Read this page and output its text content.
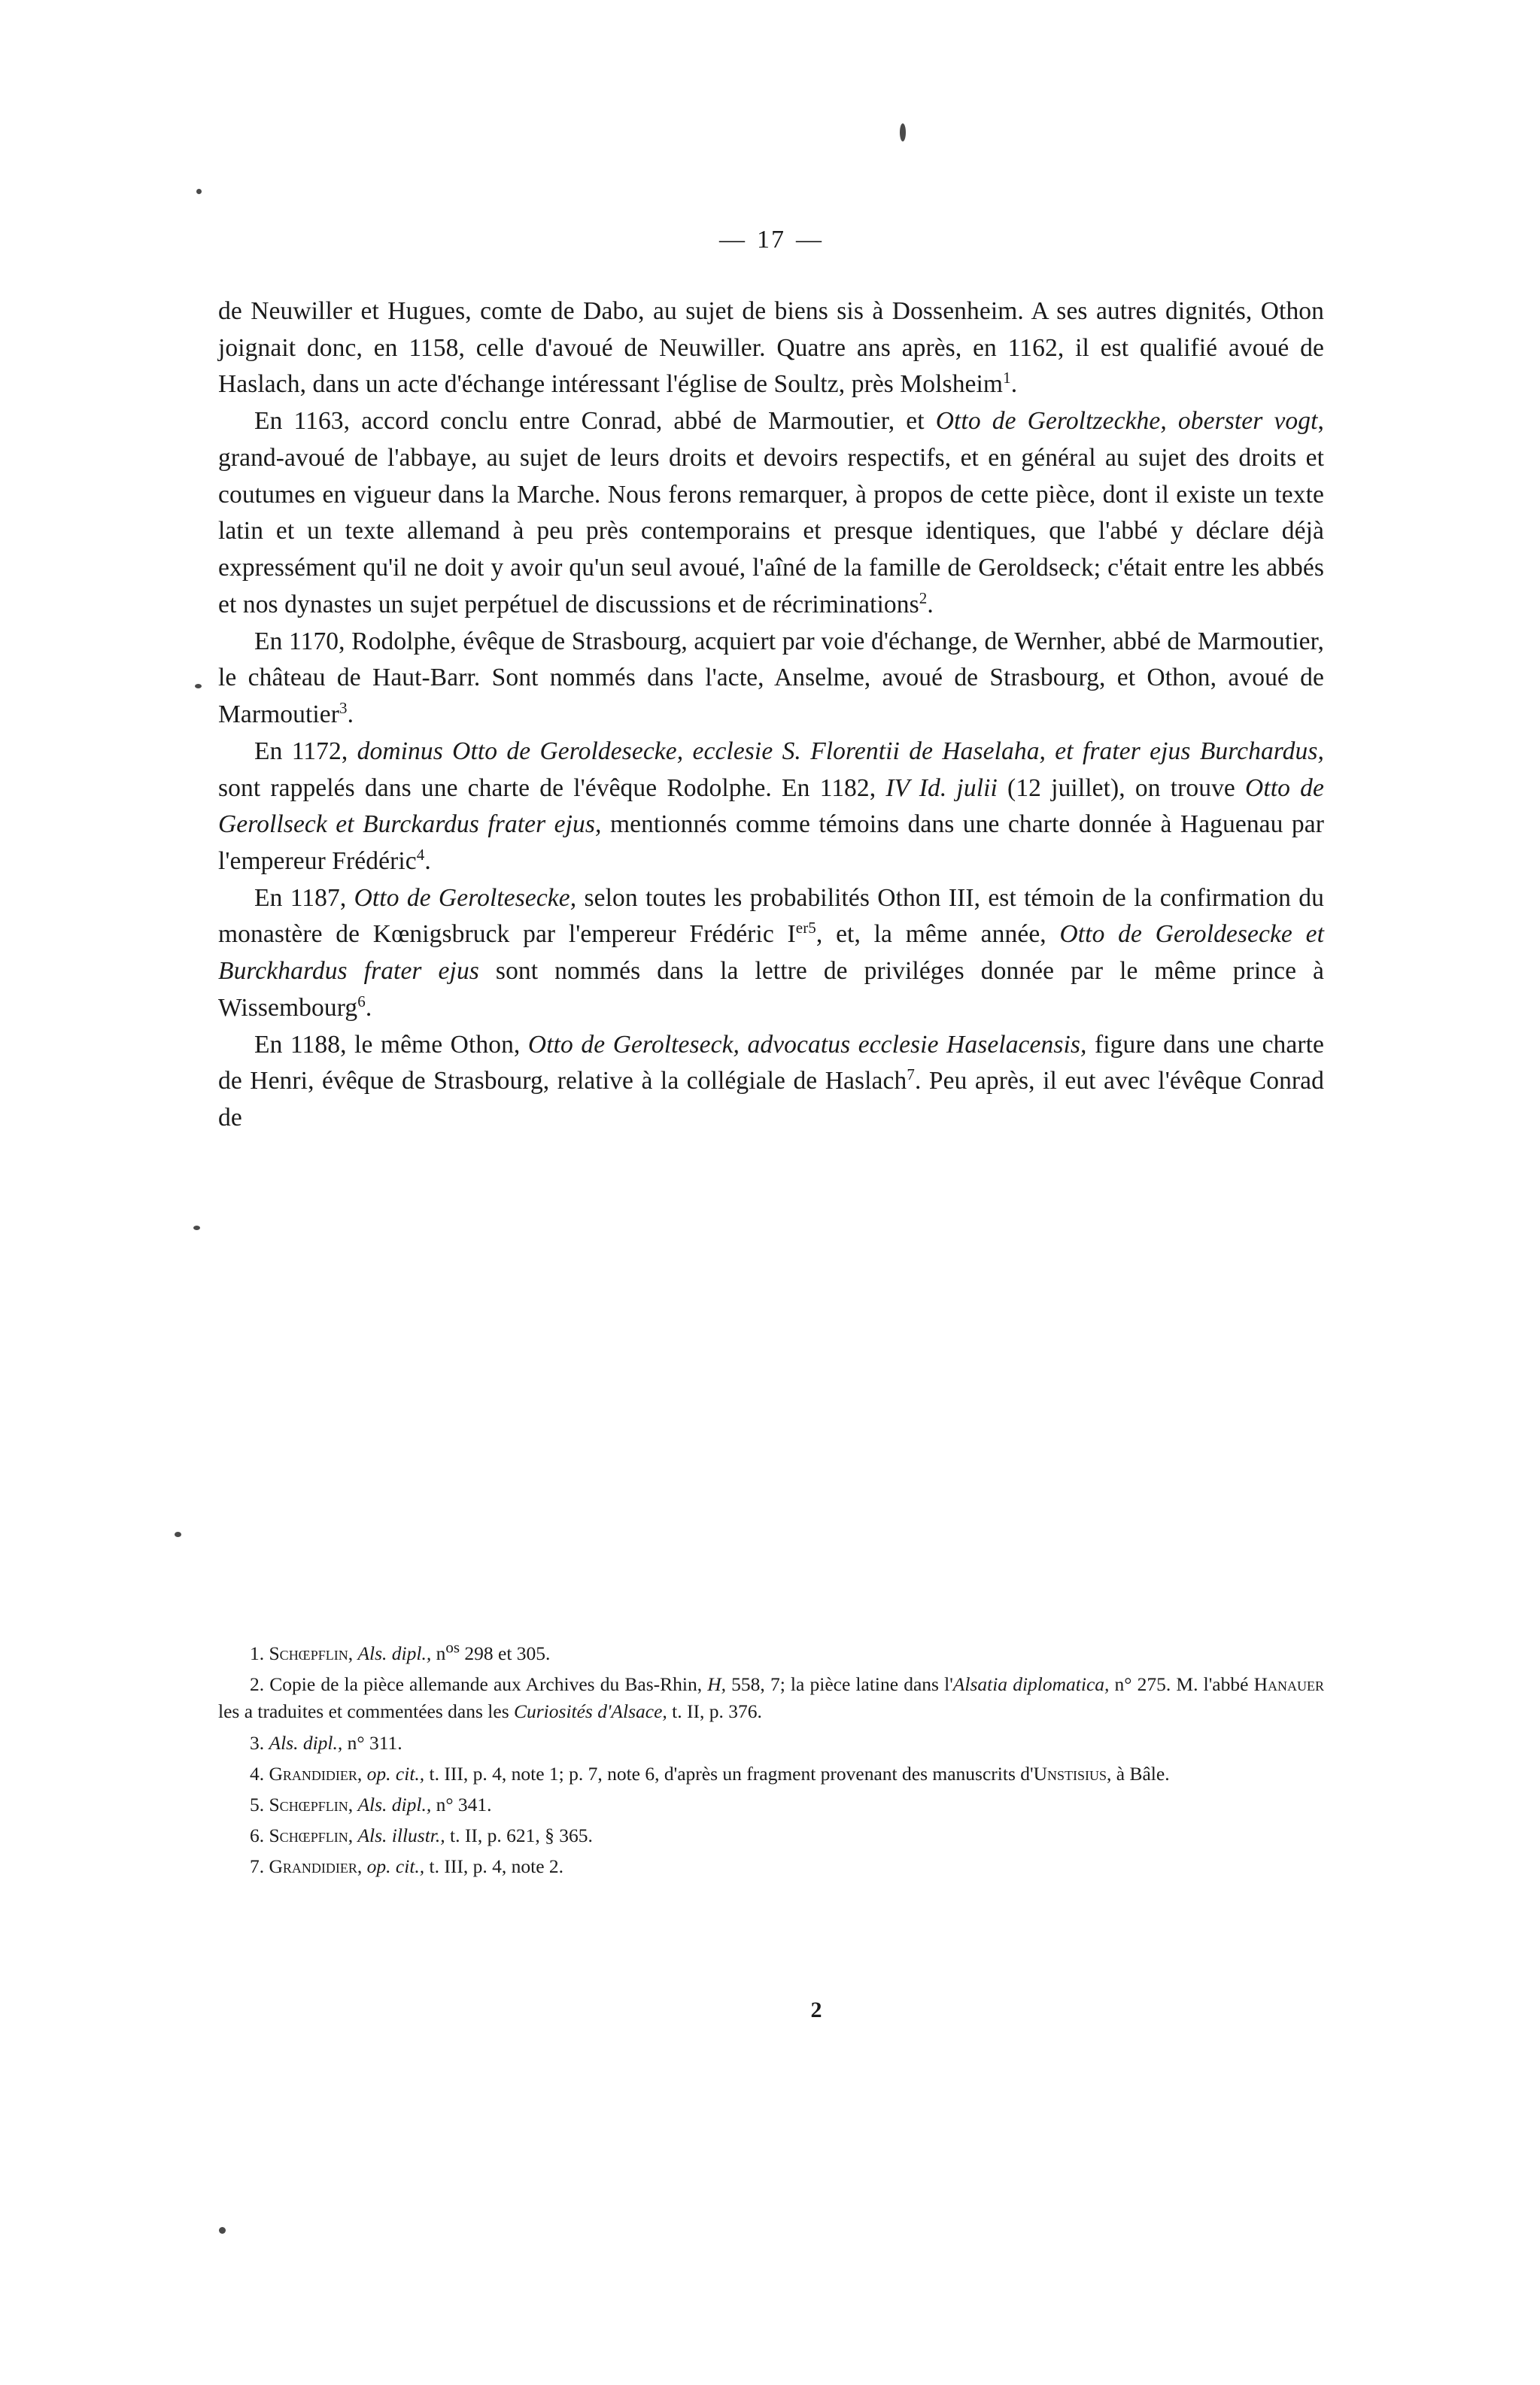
— 17 —

de Neuwiller et Hugues, comte de Dabo, au sujet de biens sis à Dossenheim. A ses autres dignités, Othon joignait donc, en 1158, celle d'avoué de Neuwiller. Quatre ans après, en 1162, il est qualifié avoué de Haslach, dans un acte d'échange intéressant l'église de Soultz, près Molsheim$^1$.

En 1163, accord conclu entre Conrad, abbé de Marmoutier, et Otto de Geroltzeckhe, oberster vogt, grand-avoué de l'abbaye, au sujet de leurs droits et devoirs respectifs, et en général au sujet des droits et coutumes en vigueur dans la Marche. Nous ferons remarquer, à propos de cette pièce, dont il existe un texte latin et un texte allemand à peu près contemporains et presque identiques, que l'abbé y déclare déjà expressément qu'il ne doit y avoir qu'un seul avoué, l'aîné de la famille de Geroldseck; c'était entre les abbés et nos dynastes un sujet perpétuel de discussions et de récriminations$^2$.

En 1170, Rodolphe, évêque de Strasbourg, acquiert par voie d'échange, de Wernher, abbé de Marmoutier, le château de Haut-Barr. Sont nommés dans l'acte, Anselme, avoué de Strasbourg, et Othon, avoué de Marmoutier$^3$.

En 1172, dominus Otto de Geroldesecke, ecclesie S. Florentii de Haselaha, et frater ejus Burchardus, sont rappelés dans une charte de l'évêque Rodolphe. En 1182, IV Id. julii (12 juillet), on trouve Otto de Gerollseck et Burckardus frater ejus, mentionnés comme témoins dans une charte donnée à Haguenau par l'empereur Frédéric$^4$.

En 1187, Otto de Geroltesecke, selon toutes les probabilités Othon III, est témoin de la confirmation du monastère de Kœnigsbruck par l'empereur Frédéric $I^{er5}$, et, la même année, Otto de Geroldesecke et Burckhardus frater ejus sont nommés dans la lettre de priviléges donnée par le même prince à Wissembourg$^6$.

En 1188, le même Othon, Otto de Gerolteseck, advocatus ecclesie Haselacensis, figure dans une charte de Henri, évêque de Strasbourg, relative à la collégiale de Haslach$^7$. Peu après, il eut avec l'évêque Conrad de

1. Schœpflin, Als. dipl., $n^{os}$ 298 et 305.

2. Copie de la pièce allemande aux Archives du Bas-Rhin, H, 558, 7; la pièce latine dans l'Alsatia diplomatica, n° 275. M. l'abbé Hanauer les a traduites et commentées dans les Curiosités d'Alsace, t. II, p. 376.

3. Als. dipl., n° 311.

4. Grandidier, op. cit., t. III, p. 4, note 1; p. 7, note 6, d'après un fragment provenant des manuscrits d'Unstisius, à Bâle.

5. Schœpflin, Als. dipl., n° 341.

6. Schœpflin, Als. illustr., t. II, p. 621, § 365.

7. Grandidier, op. cit., t. III, p. 4, note 2.

2
